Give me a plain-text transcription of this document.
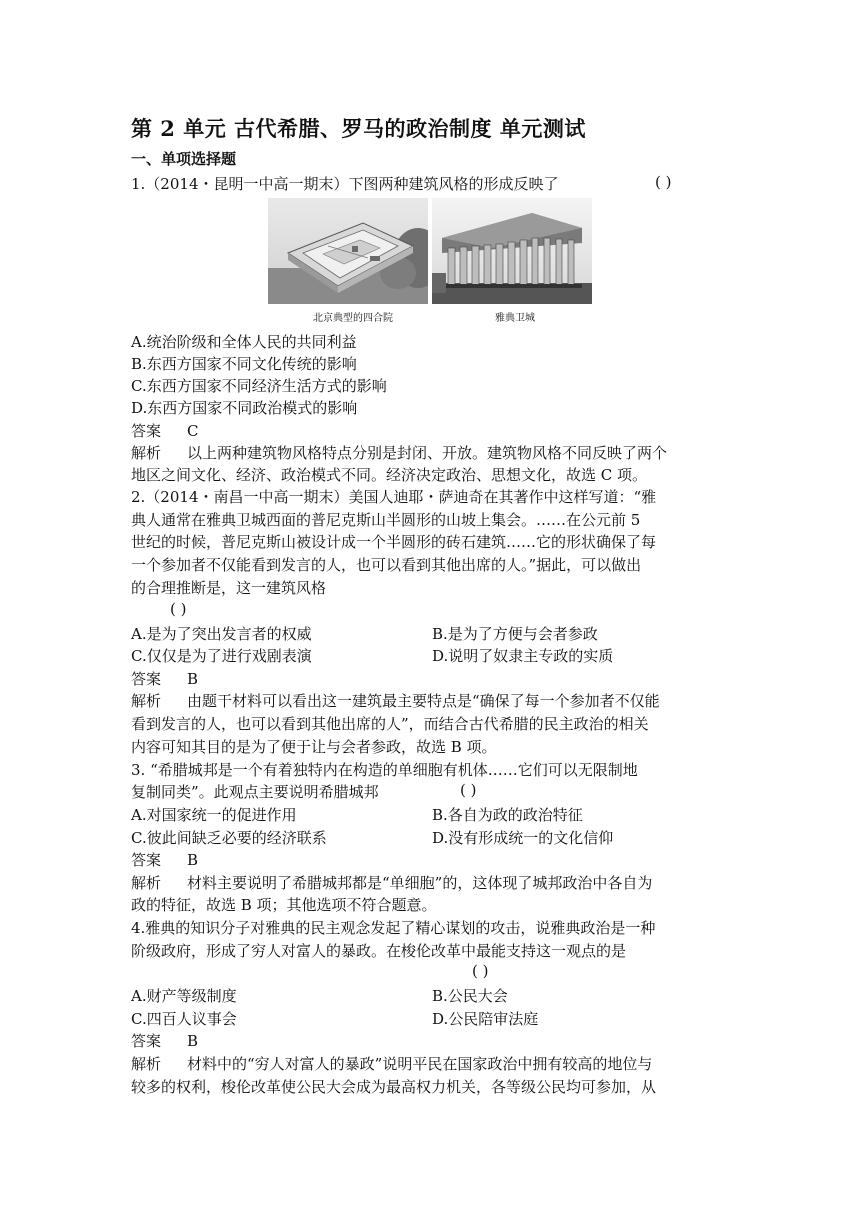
第 2 单元 古代希腊、罗马的政治制度 单元测试
一、单项选择题
1.（2014・昆明一中高一期末）下图两种建筑风格的形成反映了	( )
北京典型的四合院	雅典卫城
A.统治阶级和全体人民的共同利益
B.东西方国家不同文化传统的影响
C.东西方国家不同经济生活方式的影响
D.东西方国家不同政治模式的影响
答案 C
解析 以上两种建筑物风格特点分别是封闭、开放。建筑物风格不同反映了两个
地区之间文化、经济、政治模式不同。经济决定政治、思想文化，故选 C 项。
2.（2014・南昌一中高一期末）美国人迪耶・萨迪奇在其著作中这样写道：“雅
典人通常在雅典卫城西面的普尼克斯山半圆形的山坡上集会。……在公元前 5
世纪的时候，普尼克斯山被设计成一个半圆形的砖石建筑……它的形状确保了每
一个参加者不仅能看到发言的人，也可以看到其他出席的人。”据此，可以做出
的合理推断是，这一建筑风格
( )
A.是为了突出发言者的权威	B.是为了方便与会者参政
C.仅仅是为了进行戏剧表演	D.说明了奴隶主专政的实质
答案 B
解析 由题干材料可以看出这一建筑最主要特点是“确保了每一个参加者不仅能
看到发言的人，也可以看到其他出席的人”，而结合古代希腊的民主政治的相关
内容可知其目的是为了便于让与会者参政，故选 B 项。
3. “希腊城邦是一个有着独特内在构造的单细胞有机体……它们可以无限制地
复制同类”。此观点主要说明希腊城邦	( )
A.对国家统一的促进作用	B.各自为政的政治特征
C.彼此间缺乏必要的经济联系	D.没有形成统一的文化信仰
答案 B
解析 材料主要说明了希腊城邦都是“单细胞”的，这体现了城邦政治中各自为
政的特征，故选 B 项；其他选项不符合题意。
4.雅典的知识分子对雅典的民主观念发起了精心谋划的攻击，说雅典政治是一种
阶级政府，形成了穷人对富人的暴政。在梭伦改革中最能支持这一观点的是
( )
A.财产等级制度	B.公民大会
C.四百人议事会	D.公民陪审法庭
答案 B
解析 材料中的“穷人对富人的暴政”说明平民在国家政治中拥有较高的地位与
较多的权利，梭伦改革使公民大会成为最高权力机关，各等级公民均可参加，从
